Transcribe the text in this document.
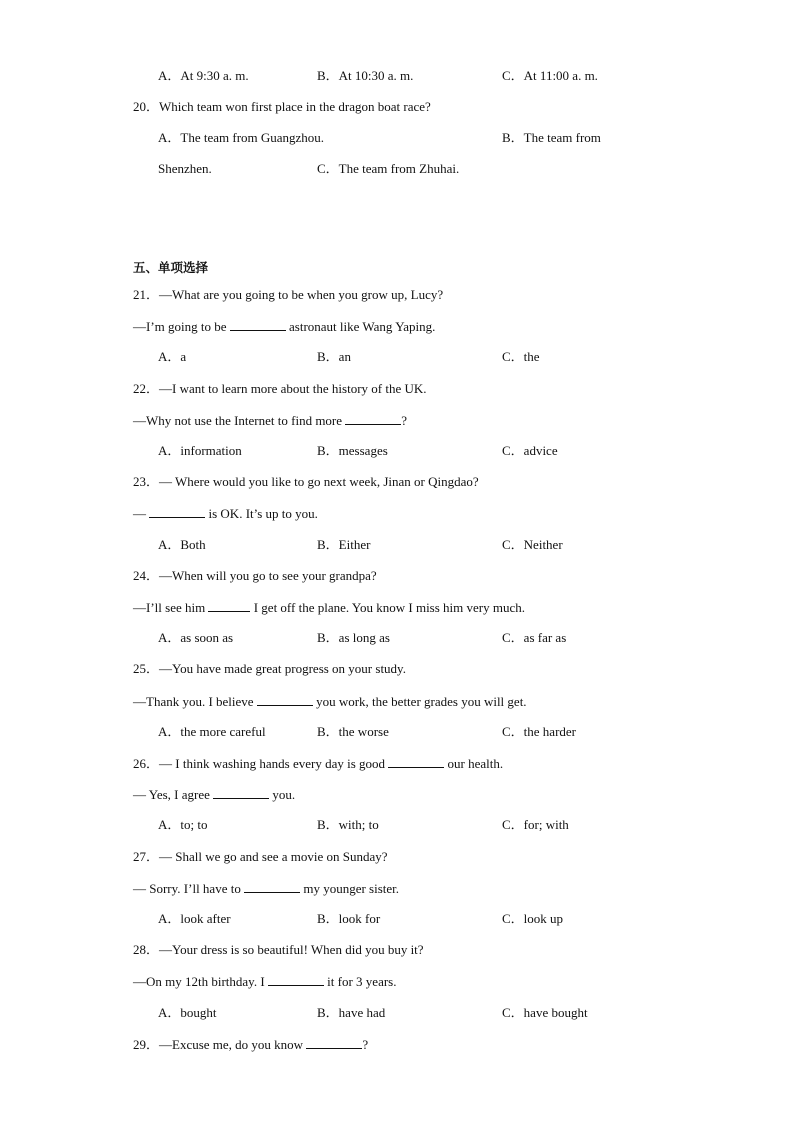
A．At 9:30 a. m.	B．At 10:30 a. m.	C．At 11:00 a. m.
20．Which team won first place in the dragon boat race?
A．The team from Guangzhou.	B．The team from
Shenzhen.	C．The team from Zhuhai.
五、单项选择
21．—What are you going to be when you grow up, Lucy?
—I’m going to be	astronaut like Wang Yaping.
A．a	B．an	C．the
22．—I want to learn more about the history of the UK.
—Why not use the Internet to find more	?
A．information	B．messages	C．advice
23．— Where would you like to go next week, Jinan or Qingdao?
—	is OK. It’s up to you.
A．Both	B．Either	C．Neither
24．—When will you go to see your grandpa?
—I’ll see him	I get off the plane. You know I miss him very much.
A．as soon as	B．as long as	C．as far as
25．—You have made great progress on your study.
—Thank you. I believe	you work, the better grades you will get.
A．the more careful	B．the worse	C．the harder
26．— I think washing hands every day is good	our health.
— Yes, I agree	you.
A．to; to	B．with; to	C．for; with
27．— Shall we go and see a movie on Sunday?
— Sorry. I’ll have to	my younger sister.
A．look after	B．look for	C．look up
28．—Your dress is so beautiful! When did you buy it?
—On my 12th birthday. I	it for 3 years.
A．bought	B．have had	C．have bought
29．—Excuse me, do you know	?
